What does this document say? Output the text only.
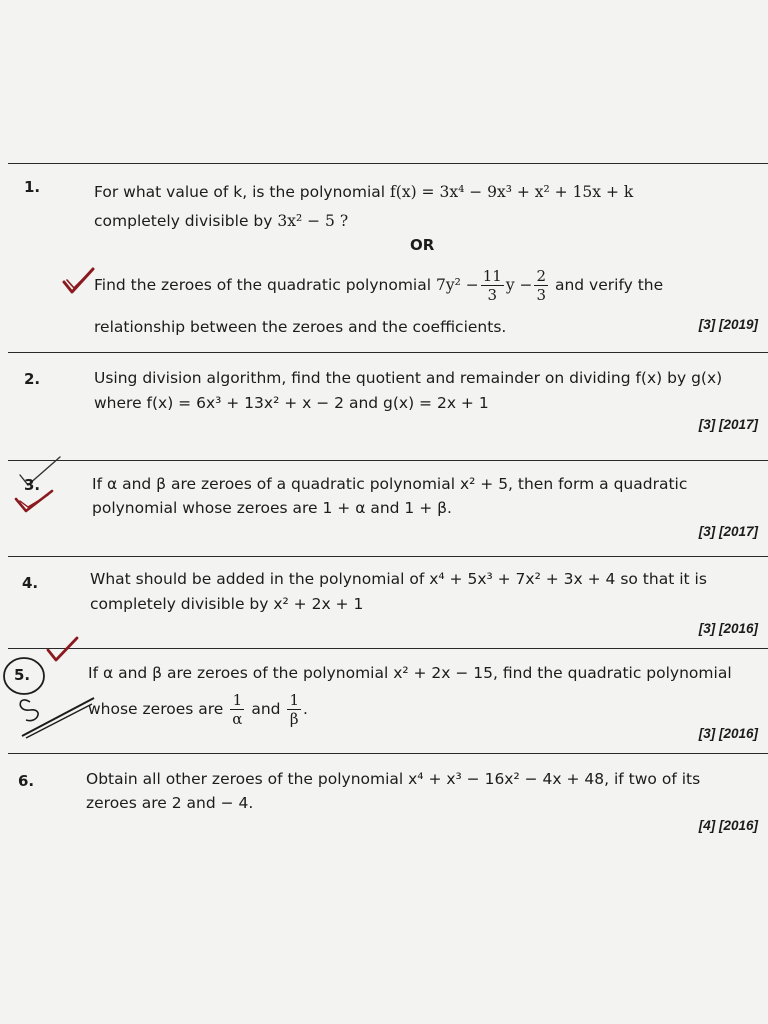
1.	For what value of k, is the polynomial f(x) = 3x⁴ − 9x³ + x² + 15x + k
completely divisible by 3x² − 5 ?
OR
Find the zeroes of the quadratic polynomial $7y^2 - \frac{11}{3}$ $y - \frac{2}{3}$ and verify the
relationship between the zeroes and the coefficients.	[3] [2019]
2.	Using division algorithm, find the quotient and remainder on dividing f(x) by g(x)
where f(x) = 6x³ + 13x² + x − 2 and g(x) = 2x + 1
[3] [2017]
3.	If α and β are zeroes of a quadratic polynomial x² + 5, then form a quadratic
polynomial whose zeroes are 1 + α and 1 + β.
[3] [2017]
4.	What should be added in the polynomial of x⁴ + 5x³ + 7x² + 3x + 4 so that it is
completely divisible by x² + 2x + 1
[3] [2016]
5.	If α and β are zeroes of the polynomial x² + 2x − 15, find the quadratic polynomial
whose zeroes are $\frac{1}{\alpha}$ and $\frac{1}{\beta}$ .
[3] [2016]
6.	Obtain all other zeroes of the polynomial x⁴ + x³ − 16x² − 4x + 48, if two of its
zeroes are 2 and − 4.
[4] [2016]
